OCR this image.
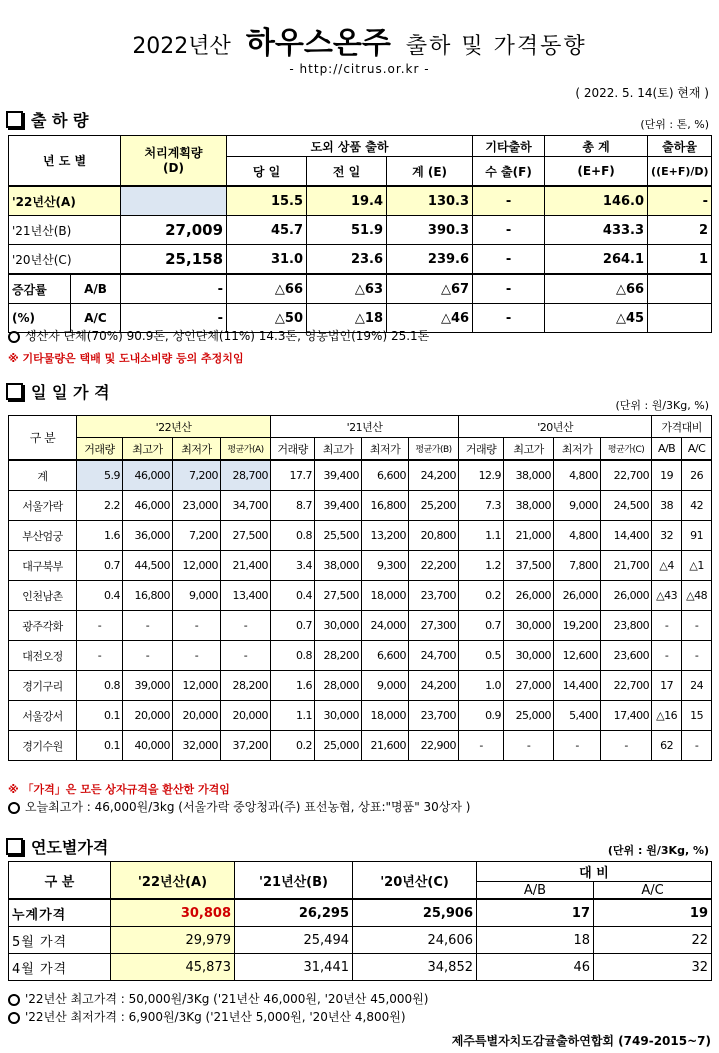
2022년산 하우스온주 출하 및 가격동향
- http://citrus.or.kr -
( 2022. 5. 14(토) 현재 )
출 하 량	(단위 : 톤, %)
년 도 별		처리계획량
(D)	도외 상품 출하			기타출하	총 계	출하율
			당 일	전 일	계 (E)	수 출(F)	(E+F)	((E+F)/D)
'22년산(A)			15.5	19.4	130.3	-	146.0	-
'21년산(B)		27,009	45.7	51.9	390.3	-	433.3	2
'20년산(C)		25,158	31.0	23.6	239.6	-	264.1	1
증감률	A/B	-	△66	△63	△67	-	△66	
(%)	A/C	-	△50	△18	△46	-	△45	
생산자 단체(70%) 90.9톤, 상인단체(11%) 14.3톤, 영농법인(19%) 25.1톤
※ 기타물량은 택배 및 도내소비량 등의 추정치임
일 일 가 격
(단위 : 원/3Kg, %)
구 분	'22년산				'21년산				'20년산				가격대비	
	거래량	최고가	최저가	평균가(A)	거래량	최고가	최저가	평균가(B)	거래량	최고가	최저가	평균가(C)	A/B	A/C
계	5.9	46,000	7,200	28,700	17.7	39,400	6,600	24,200	12.9	38,000	4,800	22,700	19	26
서울가락	2.2	46,000	23,000	34,700	8.7	39,400	16,800	25,200	7.3	38,000	9,000	24,500	38	42
부산엄궁	1.6	36,000	7,200	27,500	0.8	25,500	13,200	20,800	1.1	21,000	4,800	14,400	32	91
대구북부	0.7	44,500	12,000	21,400	3.4	38,000	9,300	22,200	1.2	37,500	7,800	21,700	△4	△1
인천남촌	0.4	16,800	9,000	13,400	0.4	27,500	18,000	23,700	0.2	26,000	26,000	26,000	△43	△48
광주각화	-	-	-	-	0.7	30,000	24,000	27,300	0.7	30,000	19,200	23,800	-	-
대전오정	-	-	-	-	0.8	28,200	6,600	24,700	0.5	30,000	12,600	23,600	-	-
경기구리	0.8	39,000	12,000	28,200	1.6	28,000	9,000	24,200	1.0	27,000	14,400	22,700	17	24
서울강서	0.1	20,000	20,000	20,000	1.1	30,000	18,000	23,700	0.9	25,000	5,400	17,400	△16	15
경기수원	0.1	40,000	32,000	37,200	0.2	25,000	21,600	22,900	-	-	-	-	62	-
※ 「가격」은 모든 상자규격을 환산한 가격임
오늘최고가 : 46,000원/3kg (서울가락 중앙청과(주) 표선농협, 상표:"명품" 30상자 )
연도별가격	(단위 : 원/3Kg, %)
구 분	'22년산(A)	'21년산(B)	'20년산(C)	대 비	
				A/B	A/C
누계가격	30,808	26,295	25,906	17	19
5월 가격	29,979	25,494	24,606	18	22
4월 가격	45,873	31,441	34,852	46	32
'22년산 최고가격 : 50,000원/3Kg ('21년산 46,000원, '20년산 45,000원)
'22년산 최저가격 : 6,900원/3Kg ('21년산 5,000원, '20년산 4,800원)
제주특별자치도감귤출하연합회 (749-2015~7)
